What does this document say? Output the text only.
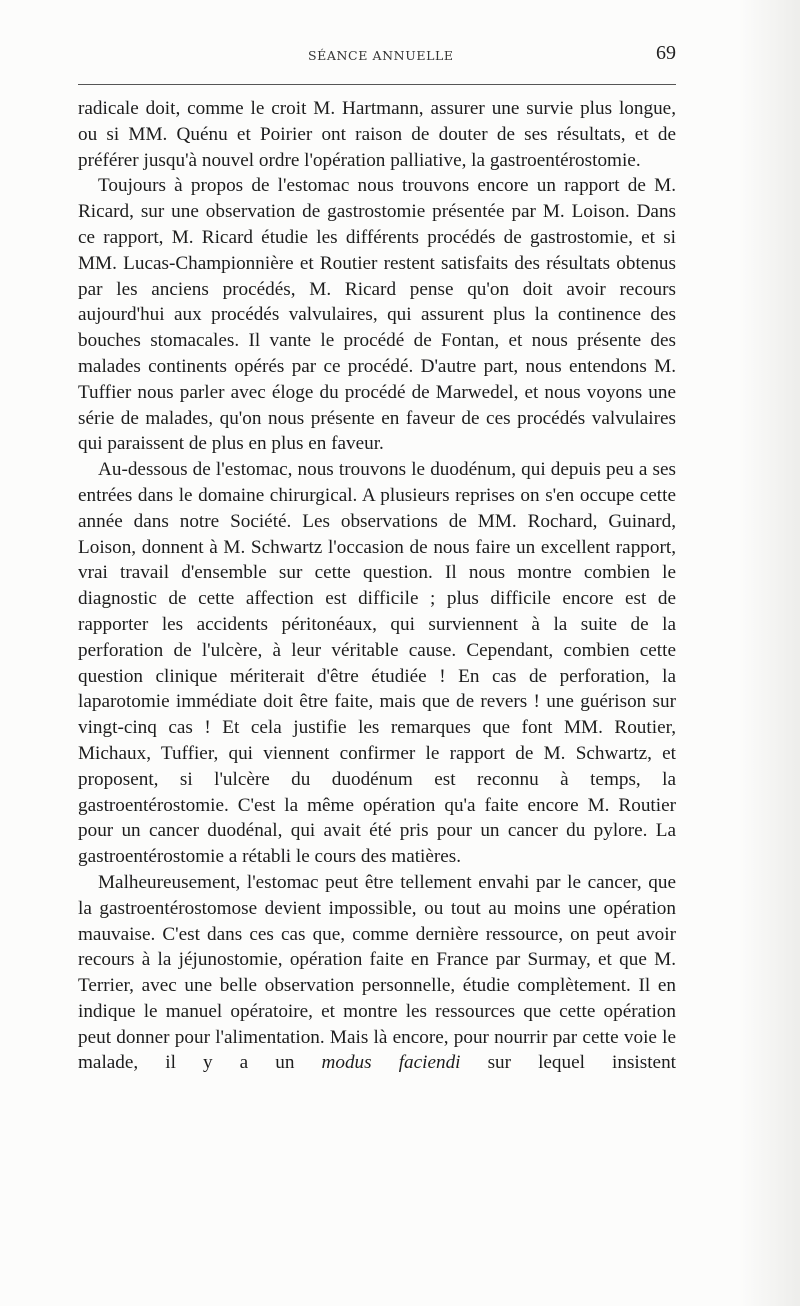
SÉANCE ANNUELLE	69

radicale doit, comme le croit M. Hartmann, assurer une survie plus longue, ou si MM. Quénu et Poirier ont raison de douter de ses résultats, et de préférer jusqu'à nouvel ordre l'opération palliative, la gastroentérostomie.

Toujours à propos de l'estomac nous trouvons encore un rapport de M. Ricard, sur une observation de gastrostomie présentée par M. Loison. Dans ce rapport, M. Ricard étudie les différents procédés de gastrostomie, et si MM. Lucas-Championnière et Routier restent satisfaits des résultats obtenus par les anciens procédés, M. Ricard pense qu'on doit avoir recours aujourd'hui aux procédés valvulaires, qui assurent plus la continence des bouches stomacales. Il vante le procédé de Fontan, et nous présente des malades continents opérés par ce procédé. D'autre part, nous entendons M. Tuffier nous parler avec éloge du procédé de Marwedel, et nous voyons une série de malades, qu'on nous présente en faveur de ces procédés valvulaires qui paraissent de plus en plus en faveur.

Au-dessous de l'estomac, nous trouvons le duodénum, qui depuis peu a ses entrées dans le domaine chirurgical. A plusieurs reprises on s'en occupe cette année dans notre Société. Les observations de MM. Rochard, Guinard, Loison, donnent à M. Schwartz l'occasion de nous faire un excellent rapport, vrai travail d'ensemble sur cette question. Il nous montre combien le diagnostic de cette affection est difficile ; plus difficile encore est de rapporter les accidents péritonéaux, qui surviennent à la suite de la perforation de l'ulcère, à leur véritable cause. Cependant, combien cette question clinique mériterait d'être étudiée ! En cas de perforation, la laparotomie immédiate doit être faite, mais que de revers ! une guérison sur vingt-cinq cas ! Et cela justifie les remarques que font MM. Routier, Michaux, Tuffier, qui viennent confirmer le rapport de M. Schwartz, et proposent, si l'ulcère du duodénum est reconnu à temps, la gastroentérostomie. C'est la même opération qu'a faite encore M. Routier pour un cancer duodénal, qui avait été pris pour un cancer du pylore. La gastroentérostomie a rétabli le cours des matières.

Malheureusement, l'estomac peut être tellement envahi par le cancer, que la gastroentérostomose devient impossible, ou tout au moins une opération mauvaise. C'est dans ces cas que, comme dernière ressource, on peut avoir recours à la jéjunostomie, opération faite en France par Surmay, et que M. Terrier, avec une belle observation personnelle, étudie complètement. Il en indique le manuel opératoire, et montre les ressources que cette opération peut donner pour l'alimentation. Mais là encore, pour nourrir par cette voie le malade, il y a un modus faciendi sur lequel insistent
